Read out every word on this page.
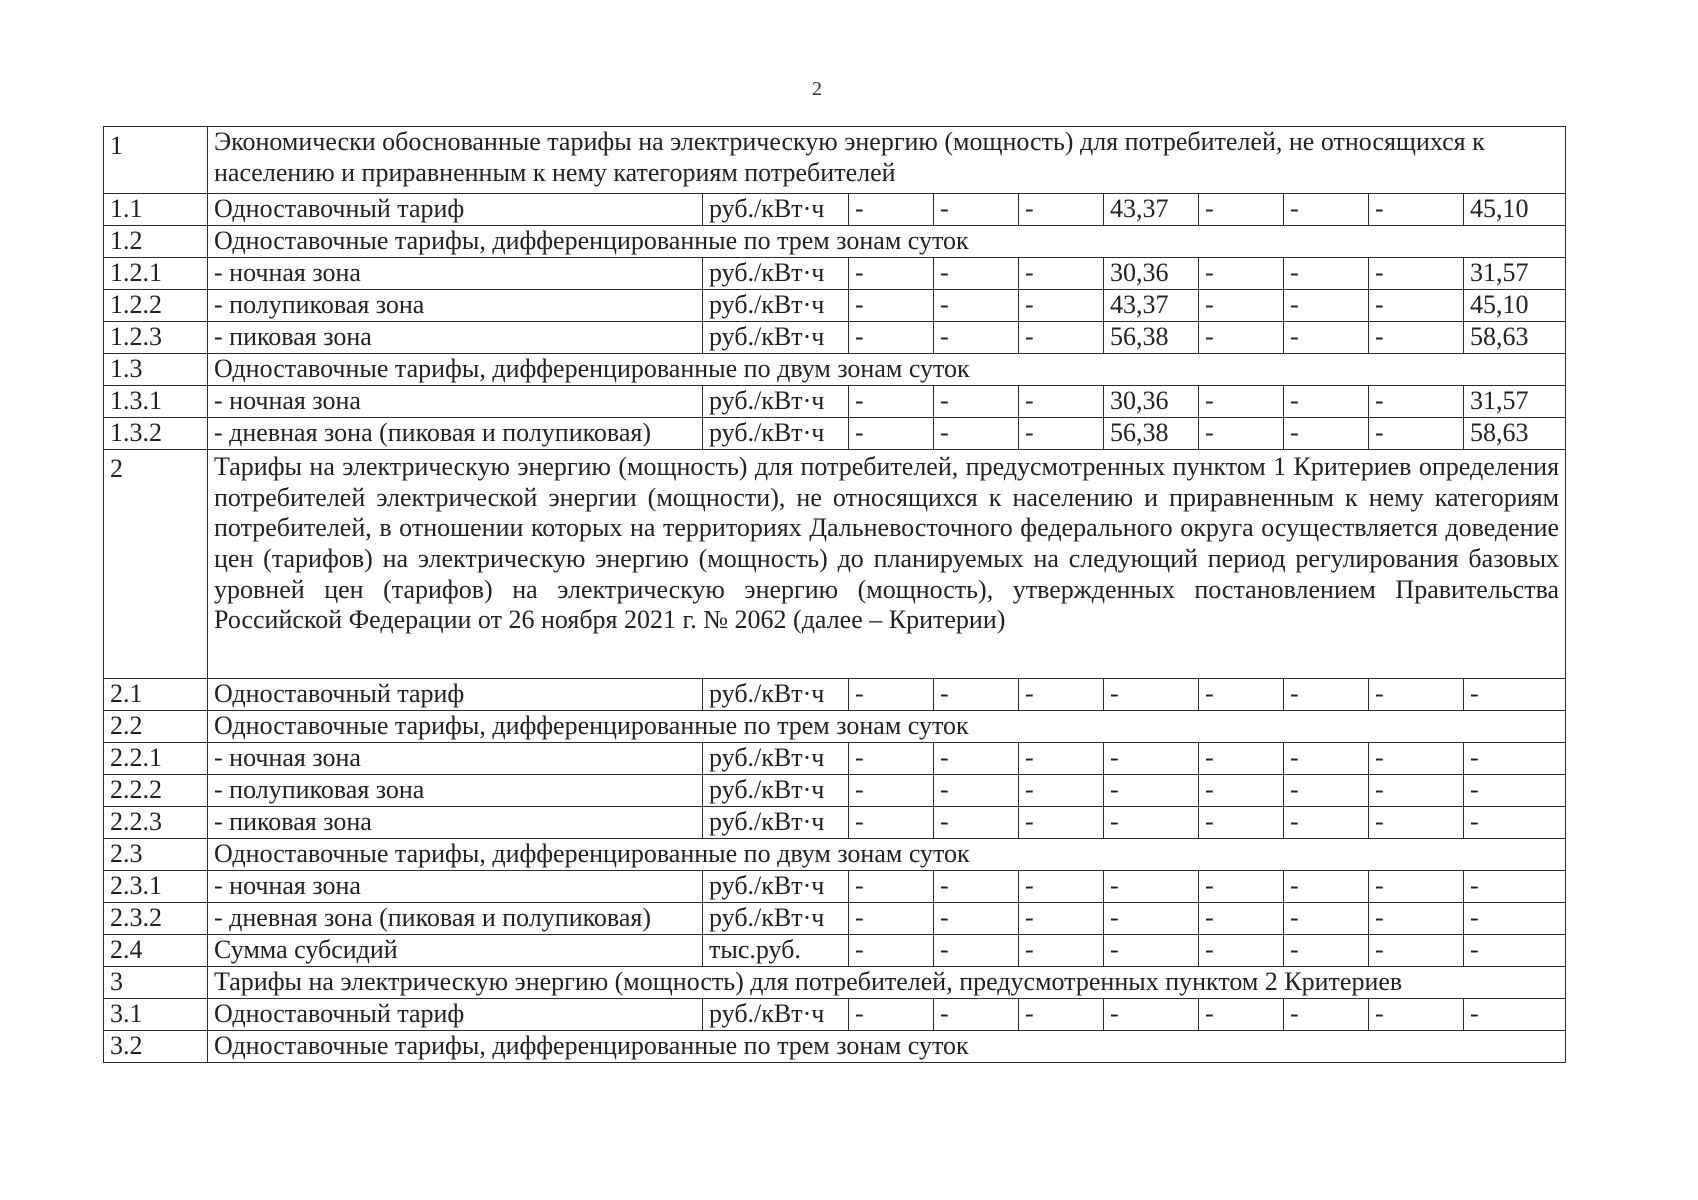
2
1	Экономически обоснованные тарифы на электрическую энергию (мощность) для потребителей, не относящихся к населению и приравненным к нему категориям потребителей									
1.1	Одноставочный тариф	руб./кВт·ч	-	-	-	43,37	-	-	-	45,10
1.2	Одноставочные тарифы, дифференцированные по трем зонам суток									
1.2.1	- ночная зона	руб./кВт·ч	-	-	-	30,36	-	-	-	31,57
1.2.2	- полупиковая зона	руб./кВт·ч	-	-	-	43,37	-	-	-	45,10
1.2.3	- пиковая зона	руб./кВт·ч	-	-	-	56,38	-	-	-	58,63
1.3	Одноставочные тарифы, дифференцированные по двум зонам суток									
1.3.1	- ночная зона	руб./кВт·ч	-	-	-	30,36	-	-	-	31,57
1.3.2	- дневная зона (пиковая и полупиковая)	руб./кВт·ч	-	-	-	56,38	-	-	-	58,63
2	Тарифы на электрическую энергию (мощность) для потребителей, предусмотренных пунктом 1 Критериев определения потребителей электрической энергии (мощности), не относящихся к населению и приравненным к нему категориям потребителей, в отношении которых на территориях Дальневосточного федерального округа осуществляется доведение цен (тарифов) на электрическую энергию (мощность) до планируемых на следующий период регулирования базовых уровней цен (тарифов) на электрическую энергию (мощность), утвержденных постановлением Правительства Российской Федерации от 26 ноября 2021 г. № 2062 (далее – Критерии)									
2.1	Одноставочный тариф	руб./кВт·ч	-	-	-	-	-	-	-	-
2.2	Одноставочные тарифы, дифференцированные по трем зонам суток									
2.2.1	- ночная зона	руб./кВт·ч	-	-	-	-	-	-	-	-
2.2.2	- полупиковая зона	руб./кВт·ч	-	-	-	-	-	-	-	-
2.2.3	- пиковая зона	руб./кВт·ч	-	-	-	-	-	-	-	-
2.3	Одноставочные тарифы, дифференцированные по двум зонам суток									
2.3.1	- ночная зона	руб./кВт·ч	-	-	-	-	-	-	-	-
2.3.2	- дневная зона (пиковая и полупиковая)	руб./кВт·ч	-	-	-	-	-	-	-	-
2.4	Сумма субсидий	тыс.руб.	-	-	-	-	-	-	-	-
3	Тарифы на электрическую энергию (мощность) для потребителей, предусмотренных пунктом 2 Критериев									
3.1	Одноставочный тариф	руб./кВт·ч	-	-	-	-	-	-	-	-
3.2	Одноставочные тарифы, дифференцированные по трем зонам суток									
